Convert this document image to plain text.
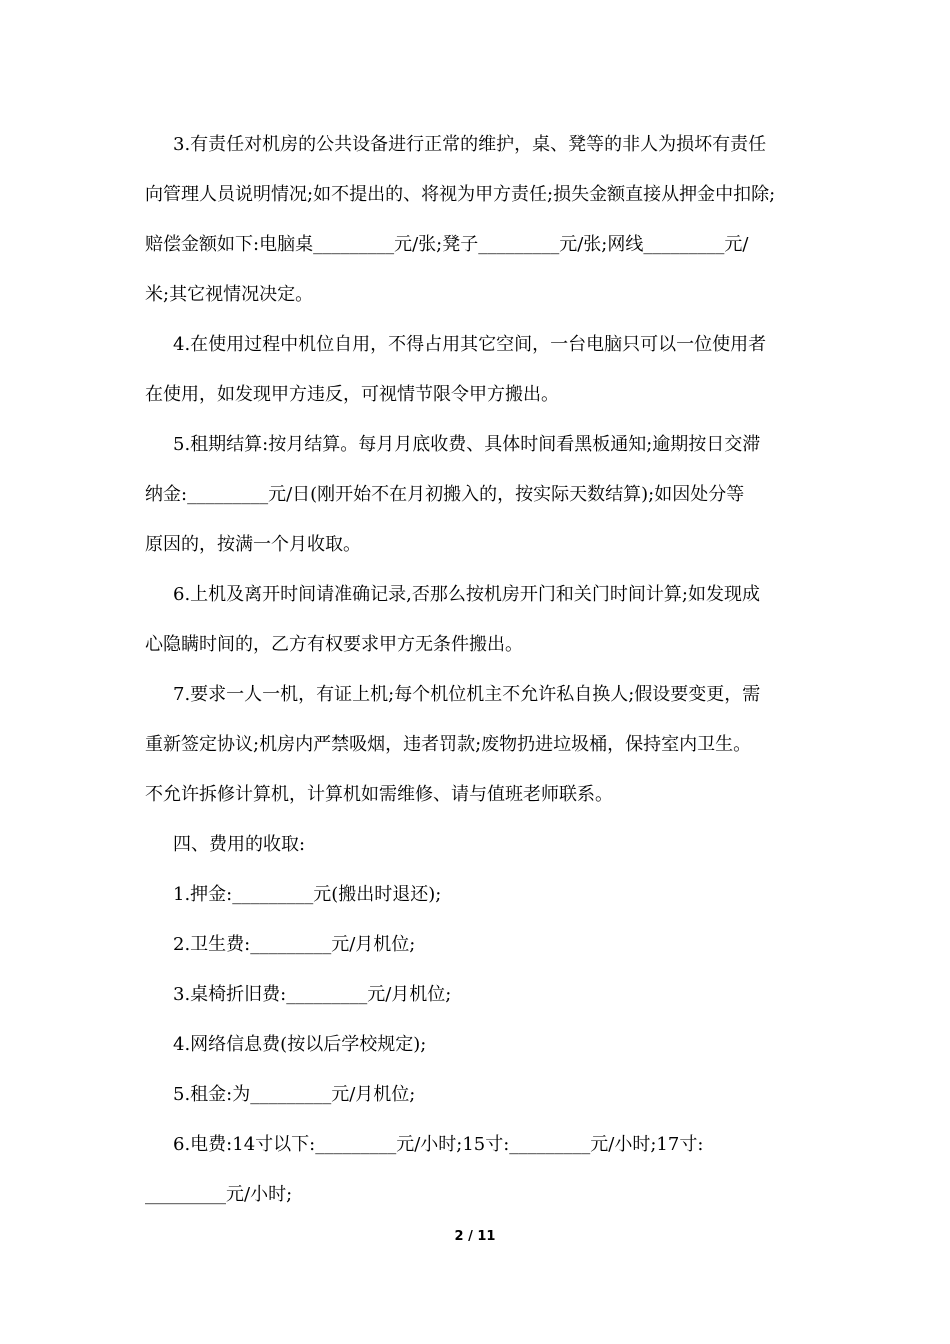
3.有责任对机房的公共设备进行正常的维护，桌、凳等的非人为损坏有责任
向管理人员说明情况;如不提出的、将视为甲方责任;损失金额直接从押金中扣除;
赔偿金额如下:电脑桌_________元/张;凳子_________元/张;网线_________元/
米;其它视情况决定。
4.在使用过程中机位自用，不得占用其它空间，一台电脑只可以一位使用者
在使用，如发现甲方违反，可视情节限令甲方搬出。
5.租期结算:按月结算。每月月底收费、具体时间看黑板通知;逾期按日交滞
纳金:_________元/日(刚开始不在月初搬入的，按实际天数结算);如因处分等
原因的，按满一个月收取。
6.上机及离开时间请准确记录,否那么按机房开门和关门时间计算;如发现成
心隐瞒时间的，乙方有权要求甲方无条件搬出。
7.要求一人一机，有证上机;每个机位机主不允许私自换人;假设要变更，需
重新签定协议;机房内严禁吸烟，违者罚款;废物扔进垃圾桶，保持室内卫生。
不允许拆修计算机，计算机如需维修、请与值班老师联系。
四、费用的收取:
1.押金:_________元(搬出时退还);
2.卫生费:_________元/月机位;
3.桌椅折旧费:_________元/月机位;
4.网络信息费(按以后学校规定);
5.租金:为_________元/月机位;
6.电费:14寸以下:_________元/小时;15寸:_________元/小时;17寸:
_________元/小时;
2 / 11
